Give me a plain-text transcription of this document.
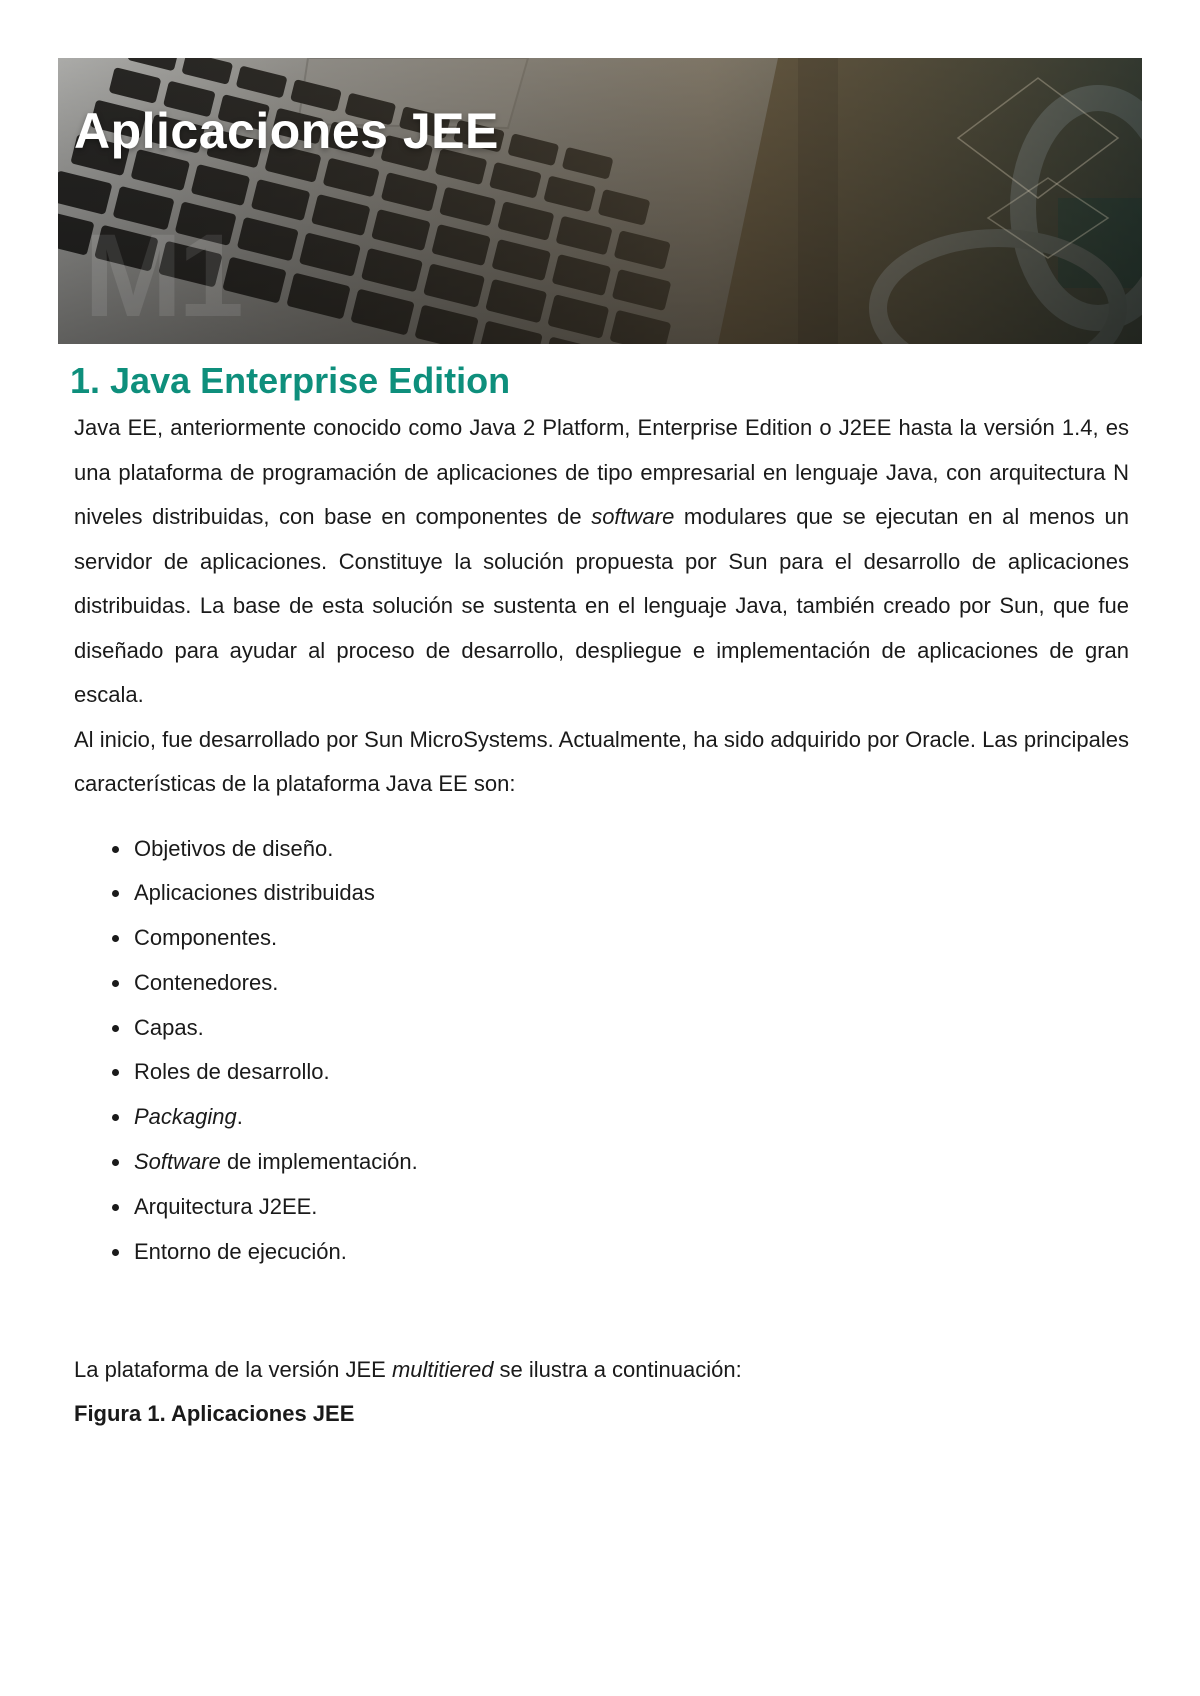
M1
Aplicaciones JEE
1. Java Enterprise Edition

Java EE, anteriormente conocido como Java 2 Platform, Enterprise Edition o J2EE hasta la versión 1.4, es una plataforma de programación de aplicaciones de tipo empresarial en lenguaje Java, con arquitectura N niveles distribuidas, con base en componentes de software modulares que se ejecutan en al menos un servidor de aplicaciones. Constituye la solución propuesta por Sun para el desarrollo de aplicaciones distribuidas. La base de esta solución se sustenta en el lenguaje Java, también creado por Sun, que fue diseñado para ayudar al proceso de desarrollo, despliegue e implementación de aplicaciones de gran escala.

Al inicio, fue desarrollado por Sun MicroSystems. Actualmente, ha sido adquirido por Oracle. Las principales características de la plataforma Java EE son:

Objetivos de diseño.
Aplicaciones distribuidas
Componentes.
Contenedores.
Capas.
Roles de desarrollo.
Packaging.
Software de implementación.
Arquitectura J2EE.
Entorno de ejecución.

La plataforma de la versión JEE multitiered se ilustra a continuación:

Figura 1. Aplicaciones JEE
